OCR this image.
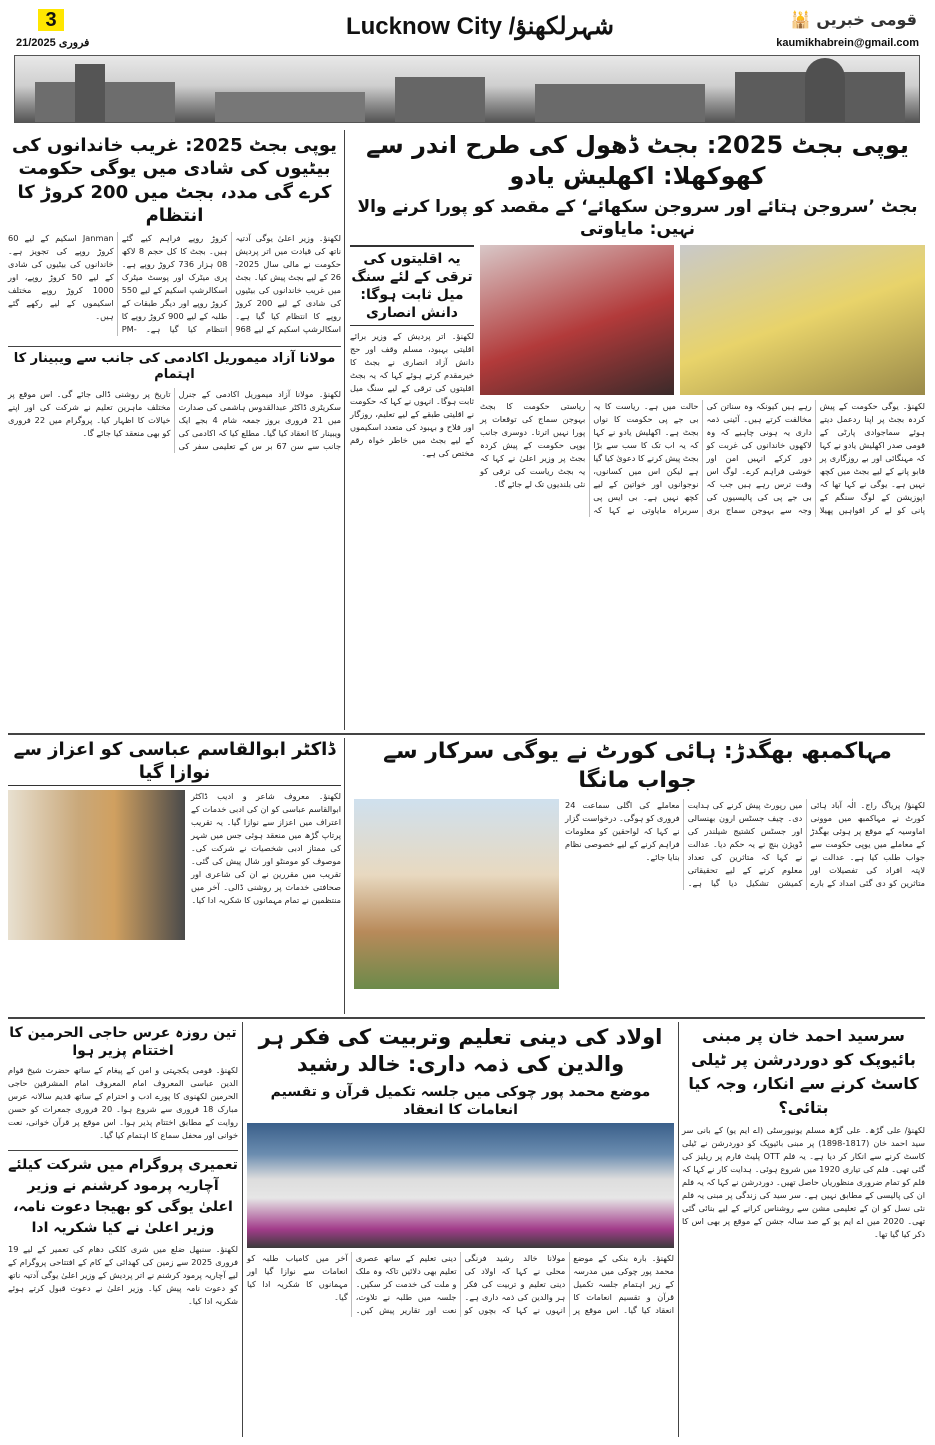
3
21/فروری 2025
Lucknow City /شہرلکھنؤ	🕌 قومی خبریں
kaumikhabrein@gmail.com
یوپی بجٹ 2025: بجٹ ڈھول کی طرح اندر سے کھوکھلا: اکھلیش یادو
بجٹ ’سروجن ہتائے اور سروجن سکھائے‘ کے مقصد کو پورا کرنے والا نہیں: مایاوتی
لکھنؤ۔ یوگی حکومت کے پیش کردہ بجٹ پر اپنا ردعمل دیتے ہوئے سماجوادی پارٹی کے قومی صدر اکھلیش یادو نے کہا کہ مہنگائی اور بے روزگاری پر قابو پانے کے لیے بجٹ میں کچھ نہیں ہے۔ یوگی نے کہا تھا کہ اپوزیشن کے لوگ سنگم کے پانی کو لے کر افواہیں پھیلا رہے ہیں کیونکہ وہ سناتن کی مخالفت کرتے ہیں۔ آئینی ذمہ داری یہ ہونی چاہیے کہ وہ لاکھوں خاندانوں کی غربت کو دور کرکے انہیں امن اور خوشی فراہم کرے۔ لوگ اس وقت ترس رہے ہیں جب کہ بی جے پی کی پالیسیوں کی وجہ سے بہوجن سماج بری حالت میں ہے۔ ریاست کا یہ بی جے پی حکومت کا نواں بجٹ ہے۔ اکھلیش یادو نے کہا کہ یہ اب تک کا سب سے بڑا بجٹ پیش کرنے کا دعویٰ کیا گیا ہے لیکن اس میں کسانوں، نوجوانوں اور خواتین کے لیے کچھ نہیں ہے۔ بی ایس پی سربراہ مایاوتی نے کہا کہ ریاستی حکومت کا بجٹ بہوجن سماج کی توقعات پر پورا نہیں اترتا۔ دوسری جانب یوپی حکومت کے پیش کردہ بجٹ پر وزیر اعلیٰ نے کہا کہ یہ بجٹ ریاست کی ترقی کو نئی بلندیوں تک لے جائے گا۔
یہ اقلیتوں کی ترقی کے لئے سنگ میل ثابت ہوگا: دانش انصاری
لکھنؤ۔ اتر پردیش کے وزیر برائے اقلیتی بہبود، مسلم وقف اور حج دانش آزاد انصاری نے بجٹ کا خیرمقدم کرتے ہوئے کہا کہ یہ بجٹ اقلیتوں کی ترقی کے لیے سنگ میل ثابت ہوگا۔ انہوں نے کہا کہ حکومت نے اقلیتی طبقے کے لیے تعلیم، روزگار اور فلاح و بہبود کی متعدد اسکیموں کے لیے بجٹ میں خاطر خواہ رقم مختص کی ہے۔
یوپی بجٹ 2025: غریب خاندانوں کی بیٹیوں کی شادی میں یوگی حکومت کرے گی مدد، بجٹ میں 200 کروڑ کا انتظام
لکھنؤ۔ وزیر اعلیٰ یوگی آدتیہ ناتھ کی قیادت میں اتر پردیش حکومت نے مالی سال 2025-26 کے لیے بجٹ پیش کیا۔ بجٹ میں غریب خاندانوں کی بیٹیوں کی شادی کے لیے 200 کروڑ روپے کا انتظام کیا گیا ہے۔ اسکالرشپ اسکیم کے لیے 968 کروڑ روپے فراہم کیے گئے ہیں۔ بجٹ کا کل حجم 8 لاکھ 08 ہزار 736 کروڑ روپے ہے۔ پری میٹرک اور پوسٹ میٹرک اسکالرشپ اسکیم کے لیے 550 کروڑ روپے اور دیگر طبقات کے طلبہ کے لیے 900 کروڑ روپے کا انتظام کیا گیا ہے۔ PM-Janman اسکیم کے لیے 60 کروڑ روپے کی تجویز ہے۔ خاندانوں کی بیٹیوں کی شادی کے لیے 50 کروڑ روپے، اور 1000 کروڑ روپے مختلف اسکیموں کے لیے رکھے گئے ہیں۔
مولانا آزاد میموریل اکادمی کی جانب سے ویبینار کا اہتمام
لکھنؤ۔ مولانا آزاد میموریل اکادمی کے جنرل سکریٹری ڈاکٹر عبدالقدوس ہاشمی کی صدارت میں 21 فروری بروز جمعہ شام 4 بجے ایک ویبینار کا انعقاد کیا گیا۔ مطلع کیا کہ اکادمی کی جانب سے سن 67 بر س کے تعلیمی سفر کی تاریخ پر روشنی ڈالی جائے گی۔ اس موقع پر مختلف ماہرین تعلیم نے شرکت کی اور اپنے خیالات کا اظہار کیا۔ پروگرام میں 22 فروری کو بھی منعقد کیا جائے گا۔
مہاکمبھ بھگدڑ: ہائی کورٹ نے یوگی سرکار سے جواب مانگا
لکھنؤ/ پریاگ راج۔ الٰہ آباد ہائی کورٹ نے مہاکمبھ میں موونی اماوسیہ کے موقع پر ہوئی بھگدڑ کے معاملے میں یوپی حکومت سے جواب طلب کیا ہے۔ عدالت نے لاپتہ افراد کی تفصیلات اور متاثرین کو دی گئی امداد کے بارے میں رپورٹ پیش کرنے کی ہدایت دی۔ چیف جسٹس ارون بھنسالی اور جسٹس کشتیج شیلندر کی ڈویژن بنچ نے یہ حکم دیا۔ عدالت نے کہا کہ متاثرین کی تعداد معلوم کرنے کے لیے تحقیقاتی کمیشن تشکیل دیا گیا ہے۔ معاملے کی اگلی سماعت 24 فروری کو ہوگی۔ درخواست گزار نے کہا کہ لواحقین کو معلومات فراہم کرنے کے لیے خصوصی نظام بنایا جائے۔
ڈاکٹر ابوالقاسم عباسی کو اعزاز سے نوازا گیا
لکھنؤ۔ معروف شاعر و ادیب ڈاکٹر ابوالقاسم عباسی کو ان کی ادبی خدمات کے اعتراف میں اعزاز سے نوازا گیا۔ یہ تقریب پرتاپ گڑھ میں منعقد ہوئی جس میں شہر کی ممتاز ادبی شخصیات نے شرکت کی۔ موصوف کو مومنٹو اور شال پیش کی گئی۔ تقریب میں مقررین نے ان کی شاعری اور صحافتی خدمات پر روشنی ڈالی۔ آخر میں منتظمین نے تمام مہمانوں کا شکریہ ادا کیا۔
سرسید احمد خان پر مبنی بائیوپک کو دوردرشن پر ٹیلی کاسٹ کرنے سے انکار، وجہ کیا بتائی؟
لکھنؤ/ علی گڑھ۔ علی گڑھ مسلم یونیورسٹی (اے ایم یو) کے بانی سر سید احمد خان (1817-1898) پر مبنی بائیوپک کو دوردرشن نے ٹیلی کاسٹ کرنے سے انکار کر دیا ہے۔ یہ فلم OTT پلیٹ فارم پر ریلیز کی گئی تھی۔ فلم کی تیاری 1920 میں شروع ہوئی۔ ہدایت کار نے کہا کہ فلم کو تمام ضروری منظوریاں حاصل تھیں۔ دوردرشن نے کہا کہ یہ فلم ان کی پالیسی کے مطابق نہیں ہے۔ سر سید کی زندگی پر مبنی یہ فلم نئی نسل کو ان کے تعلیمی مشن سے روشناس کرانے کے لیے بنائی گئی تھی۔ 2020 میں اے ایم یو کے صد سالہ جشن کے موقع پر بھی اس کا ذکر کیا گیا تھا۔
اولاد کی دینی تعلیم وتربیت کی فکر ہر والدین کی ذمہ داری: خالد رشید
موضع محمد پور چوکی میں جلسہ تکمیل قرآن و تقسیم انعامات کا انعقاد
لکھنؤ۔ بارہ بنکی کے موضع محمد پور چوکی میں مدرسہ کے زیر اہتمام جلسہ تکمیل قرآن و تقسیم انعامات کا انعقاد کیا گیا۔ اس موقع پر مولانا خالد رشید فرنگی محلی نے کہا کہ اولاد کی دینی تعلیم و تربیت کی فکر ہر والدین کی ذمہ داری ہے۔ انہوں نے کہا کہ بچوں کو دینی تعلیم کے ساتھ عصری تعلیم بھی دلائیں تاکہ وہ ملک و ملت کی خدمت کر سکیں۔ جلسہ میں طلبہ نے تلاوت، نعت اور تقاریر پیش کیں۔ آخر میں کامیاب طلبہ کو انعامات سے نوازا گیا اور مہمانوں کا شکریہ ادا کیا گیا۔
تین روزہ عرس حاجی الحرمین کا اختتام پزیر ہوا
لکھنؤ۔ قومی یکجہتی و امن کے پیغام کے ساتھ حضرت شیخ قوام الدین عباسی المعروف امام المعروف امام المشرقین حاجی الحرمین لکھنوی کا پورے ادب و احترام کے ساتھ قدیم سالانہ عرس مبارک 18 فروری سے شروع ہوا۔ 20 فروری جمعرات کو حسن روایت کے مطابق اختتام پذیر ہوا۔ اس موقع پر قرآن خوانی، نعت خوانی اور محفل سماع کا اہتمام کیا گیا۔
تعمیری پروگرام میں شرکت کیلئے آچاریہ پرمود کرشنم نے وزیر اعلیٰ یوگی کو بھیجا دعوت نامہ، وزیر اعلیٰ نے کیا شکریہ ادا
لکھنؤ۔ سنبھل ضلع میں شری کلکی دھام کی تعمیر کے لیے 19 فروری 2025 سے زمین کی کھدائی کے کام کے افتتاحی پروگرام کے لیے آچاریہ پرمود کرشنم نے اتر پردیش کے وزیر اعلیٰ یوگی آدتیہ ناتھ کو دعوت نامہ پیش کیا۔ وزیر اعلیٰ نے دعوت قبول کرتے ہوئے شکریہ ادا کیا۔
